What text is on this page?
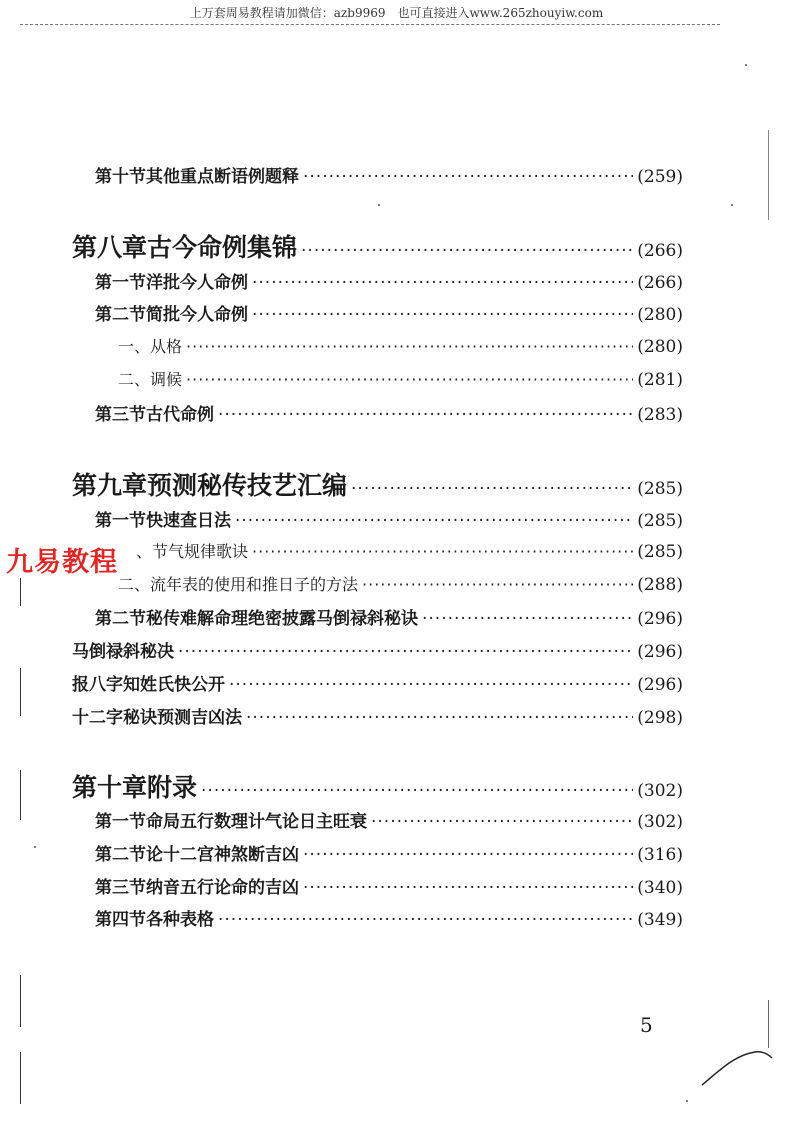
上万套周易教程请加微信：azb9969　也可直接进入www.265zhouyiw.com
第十节 其他重点断语例题释 ·····	(259)
第八章 古今命例集锦 ·····	(266)
第一节 洋批今人命例 ·····	(266)
第二节 简批今人命例 ·····	(280)
一、从格 ·····	(280)
二、调候 ·····	(281)
第三节 古代命例 ·····	(283)
第九章 预测秘传技艺汇编 ·····	(285)
第一节 快速查日法 ·····	(285)
、节气规律歌诀 ·····	(285)
二、流年表的使用和推日子的方法 ·····	(288)
第二节 秘传难解命理绝密披露马倒禄斜秘诀 ·····	(296)
马倒禄斜秘决 ·····	(296)
报八字知姓氏快公开 ·····	(296)
十二字秘诀预测吉凶法 ·····	(298)
第十章 附录 ·····	(302)
第一节 命局五行数理计气论日主旺衰 ·····	(302)
第二节 论十二宫神煞断吉凶 ·····	(316)
第三节 纳音五行论命的吉凶 ·····	(340)
第四节 各种表格 ·····	(349)
5
九易教程
